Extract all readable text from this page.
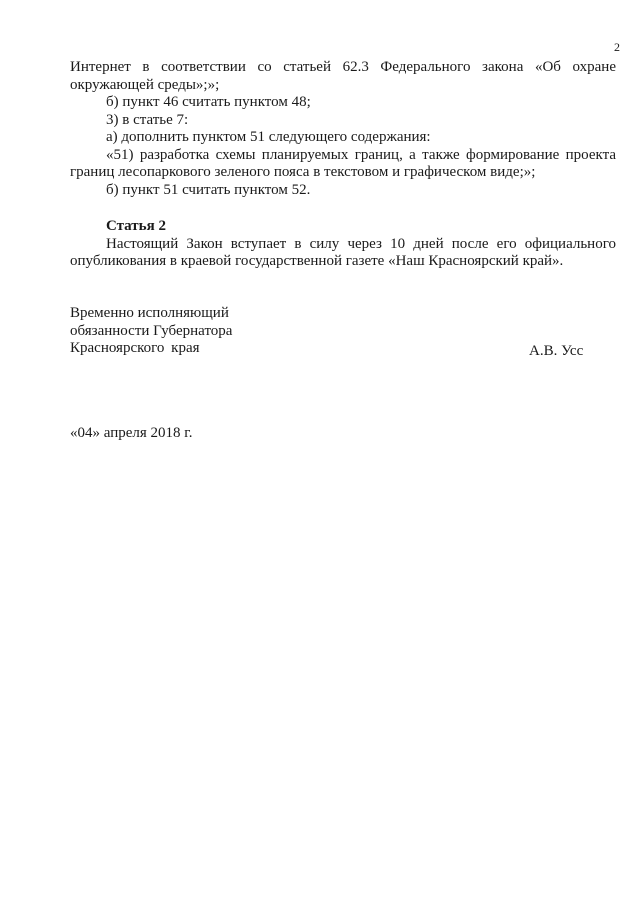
2
Интернет в соответствии со статьей 62.3 Федерального закона «Об охране
окружающей среды»;»;
б) пункт 46 считать пунктом 48;
3) в статье 7:
а) дополнить пунктом 51 следующего содержания:
«51) разработка схемы планируемых границ, а также формирование проекта
границ лесопаркового зеленого пояса в текстовом и графическом виде;»;
б) пункт 51 считать пунктом 52.
Статья 2
Настоящий Закон вступает в силу через 10 дней после его официального
опубликования в краевой государственной газете «Наш Красноярский край».
Временно исполняющий
обязанности Губернатора
Красноярского края	А.В. Усс
«04» апреля 2018 г.
